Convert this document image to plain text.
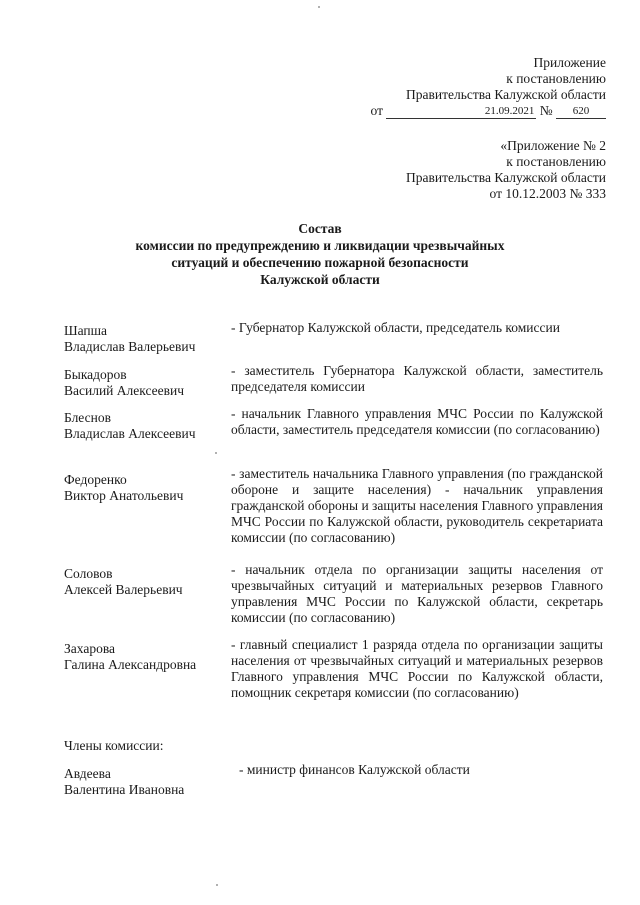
Приложение
к постановлению
Правительства Калужской области
от	21.09.2021 № 620
«Приложение № 2
к постановлению
Правительства Калужской области
от 10.12.2003 № 333
Состав
комиссии по предупреждению и ликвидации чрезвычайных
ситуаций и обеспечению пожарной безопасности
Калужской области
Шапша
Владислав Валерьевич
- Губернатор Калужской области, председатель комиссии
Быкадоров
Василий Алексеевич
- заместитель Губернатора Калужской области, заместитель председателя комиссии
Блеснов
Владислав Алексеевич
- начальник Главного управления МЧС России по Калужской области, заместитель председателя комиссии (по согласованию)
Федоренко
Виктор Анатольевич
- заместитель начальника Главного управления (по гражданской обороне и защите населения) - начальник управления гражданской обороны и защиты населения Главного управления МЧС России по Калужской области, руководитель секретариата комиссии (по согласованию)
Соловов
Алексей Валерьевич
- начальник отдела по организации защиты населения от чрезвычайных ситуаций и материальных резервов Главного управления МЧС России по Калужской области, секретарь комиссии (по согласованию)
Захарова
Галина Александровна
- главный специалист 1 разряда отдела по организации защиты населения от чрезвычайных ситуаций и материальных резервов Главного управления МЧС России по Калужской области, помощник секретаря комиссии (по согласованию)
Члены комиссии:
Авдеева
Валентина Ивановна
- министр финансов Калужской области
